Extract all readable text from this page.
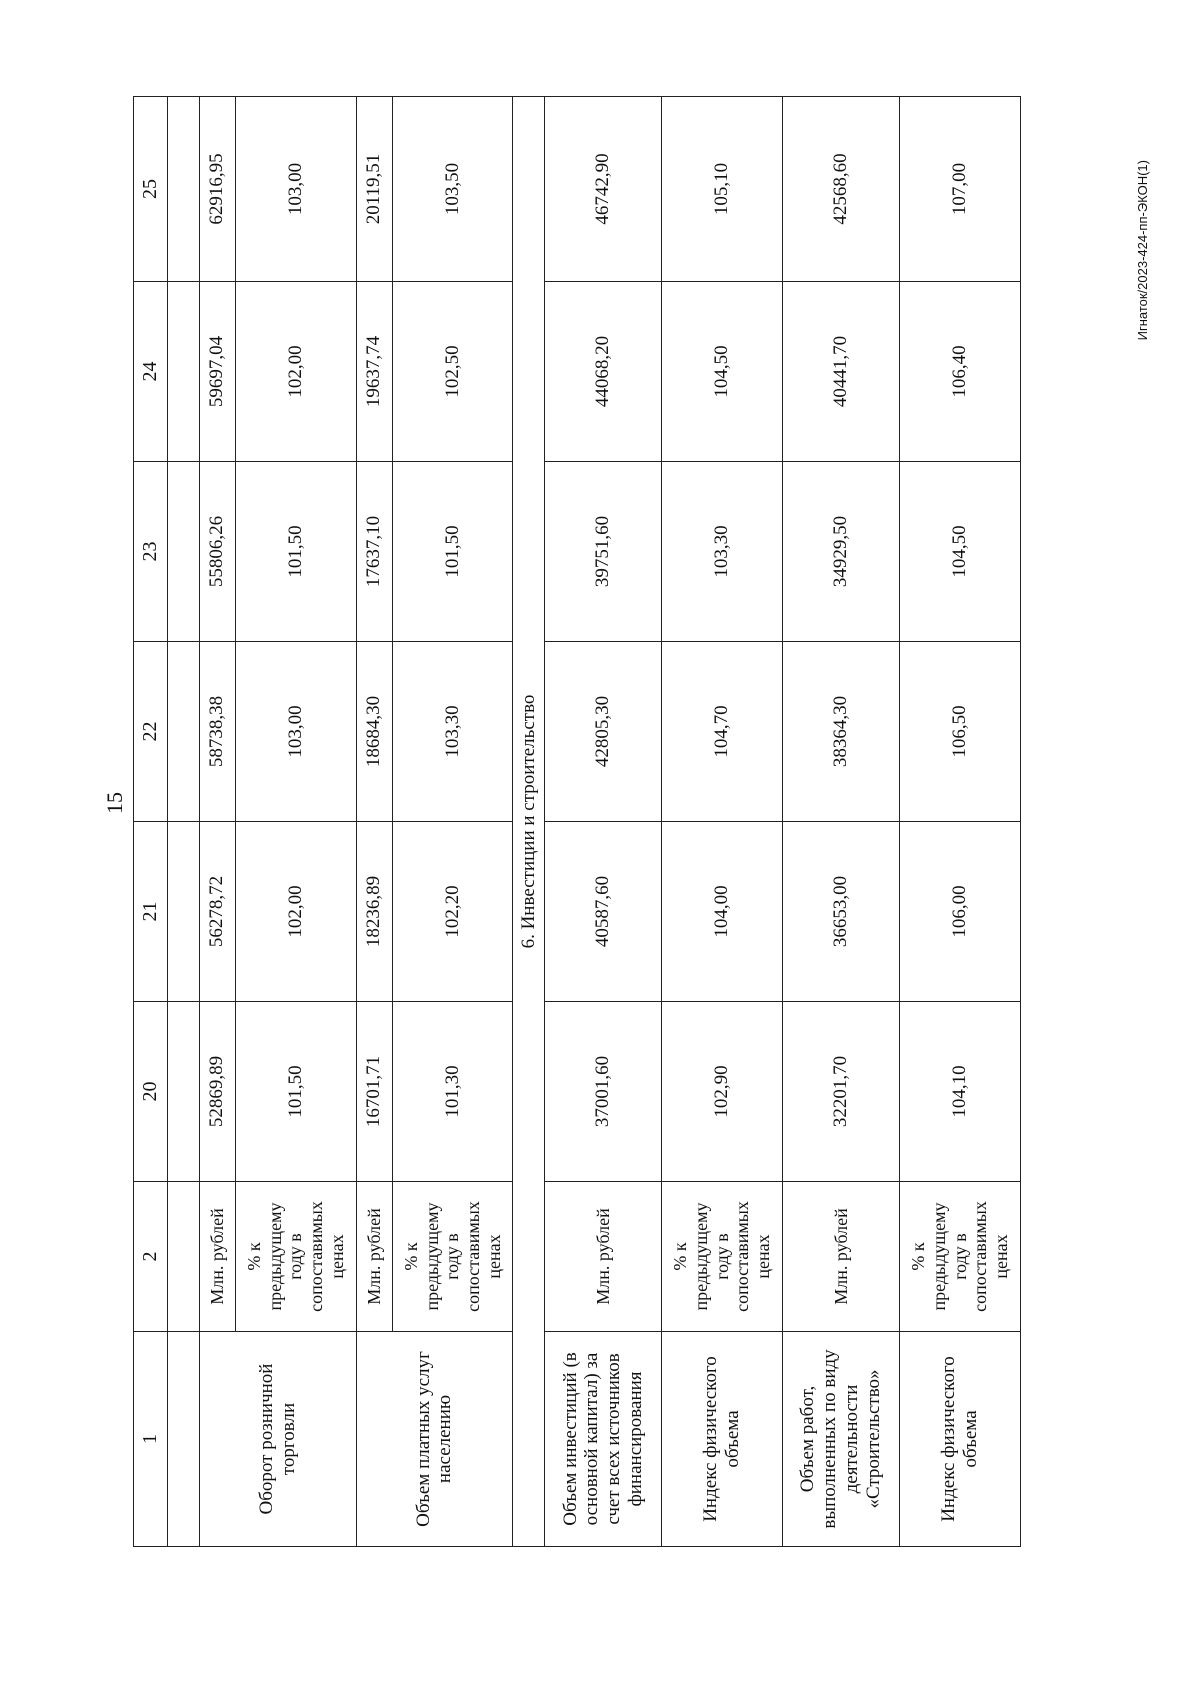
15
Игнаток/2023-424-пп-ЭКОН(1)
1	2	20	21	22	23	24	25

Оборот розничной торговли	Млн. рублей	52869,89	56278,72	58738,38	55806,26	59697,04	62916,95
	% к предыдущему году в сопоставимых ценах	101,50	102,00	103,00	101,50	102,00	103,00
Объем платных услуг населению	Млн. рублей	16701,71	18236,89	18684,30	17637,10	19637,74	20119,51
	% к предыдущему году в сопоставимых ценах	101,30	102,20	103,30	101,50	102,50	103,50
6. Инвестиции и строительство							
Объем инвестиций (в основной капитал) за счет всех источников финансирования	Млн. рублей	37001,60	40587,60	42805,30	39751,60	44068,20	46742,90
Индекс физического объема	% к предыдущему году в сопоставимых ценах	102,90	104,00	104,70	103,30	104,50	105,10
Объем работ, выполненных по виду деятельности «Строительство»	Млн. рублей	32201,70	36653,00	38364,30	34929,50	40441,70	42568,60
Индекс физического объема	% к предыдущему году в сопоставимых ценах	104,10	106,00	106,50	104,50	106,40	107,00
